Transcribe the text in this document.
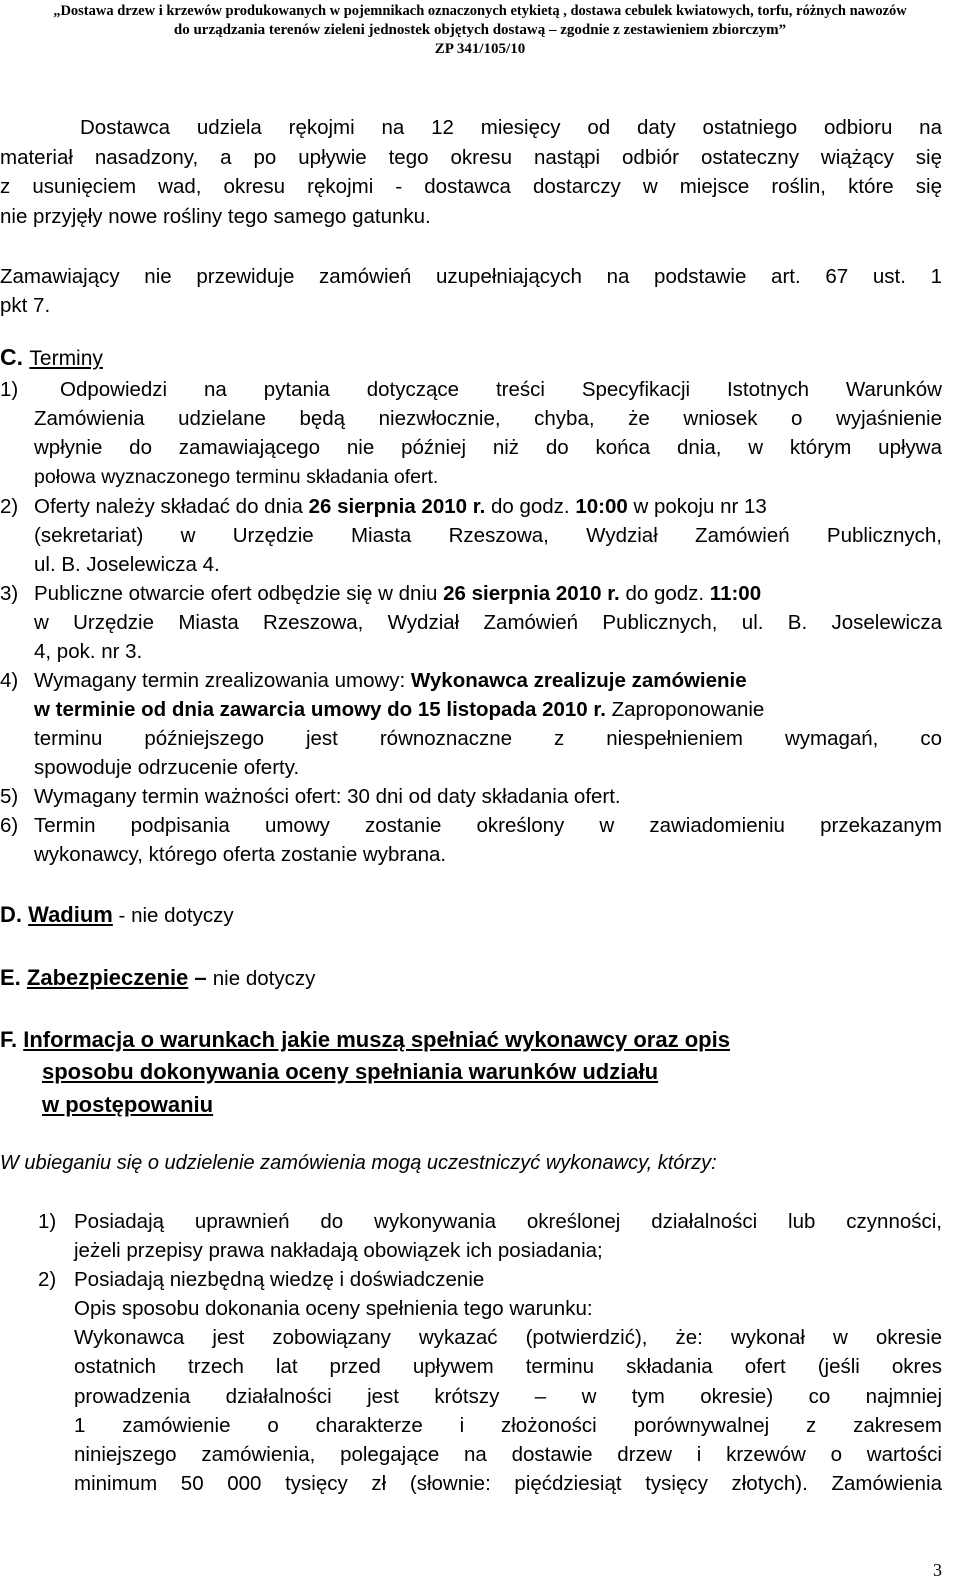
„Dostawa drzew i krzewów produkowanych w pojemnikach oznaczonych etykietą , dostawa cebulek kwiatowych, torfu, różnych nawozów
do urządzania terenów zieleni jednostek objętych dostawą – zgodnie z zestawieniem zbiorczym”
ZP 341/105/10
Dostawca udziela rękojmi na 12 miesięcy od daty ostatniego odbioru na
materiał nasadzony, a po upływie tego okresu nastąpi odbiór ostateczny wiążący się
z usunięciem wad, okresu rękojmi - dostawca dostarczy w miejsce roślin, które się
nie przyjęły nowe rośliny tego samego gatunku.
Zamawiający nie przewiduje zamówień uzupełniających na podstawie art. 67 ust. 1
pkt 7.
C. Terminy
1) Odpowiedzi na pytania dotyczące treści Specyfikacji Istotnych Warunków
Zamówienia udzielane będą niezwłocznie, chyba, że wniosek o wyjaśnienie
wpłynie do zamawiającego nie później niż do końca dnia, w którym upływa
połowa wyznaczonego terminu składania ofert.
2) Oferty należy składać do dnia 26 sierpnia 2010 r. do godz. 10:00 w pokoju nr 13
(sekretariat) w Urzędzie Miasta Rzeszowa, Wydział Zamówień Publicznych,
ul. B. Joselewicza 4.
3) Publiczne otwarcie ofert odbędzie się w dniu 26 sierpnia 2010 r. do godz. 11:00
w Urzędzie Miasta Rzeszowa, Wydział Zamówień Publicznych, ul. B. Joselewicza
4, pok. nr 3.
4) Wymagany termin zrealizowania umowy: Wykonawca zrealizuje zamówienie
w terminie od dnia zawarcia umowy do 15 listopada 2010 r. Zaproponowanie
terminu późniejszego jest równoznaczne z niespełnieniem wymagań, co
spowoduje odrzucenie oferty.
5) Wymagany termin ważności ofert: 30 dni od daty składania ofert.
6) Termin podpisania umowy zostanie określony w zawiadomieniu przekazanym
wykonawcy, którego oferta zostanie wybrana.
D. Wadium - nie dotyczy
E. Zabezpieczenie – nie dotyczy
F. Informacja o warunkach jakie muszą spełniać wykonawcy oraz opis
sposobu dokonywania oceny spełniania warunków udziału
w postępowaniu
W ubieganiu się o udzielenie zamówienia mogą uczestniczyć wykonawcy, którzy:
1) Posiadają uprawnień do wykonywania określonej działalności lub czynności,
jeżeli przepisy prawa nakładają obowiązek ich posiadania;
2) Posiadają niezbędną wiedzę i doświadczenie
Opis sposobu dokonania oceny spełnienia tego warunku:
Wykonawca jest zobowiązany wykazać (potwierdzić), że: wykonał w okresie
ostatnich trzech lat przed upływem terminu składania ofert (jeśli okres
prowadzenia działalności jest krótszy – w tym okresie) co najmniej
1 zamówienie o charakterze i złożoności porównywalnej z zakresem
niniejszego zamówienia, polegające na dostawie drzew i krzewów o wartości
minimum 50 000 tysięcy zł (słownie: pięćdziesiąt tysięcy złotych). Zamówienia
3
